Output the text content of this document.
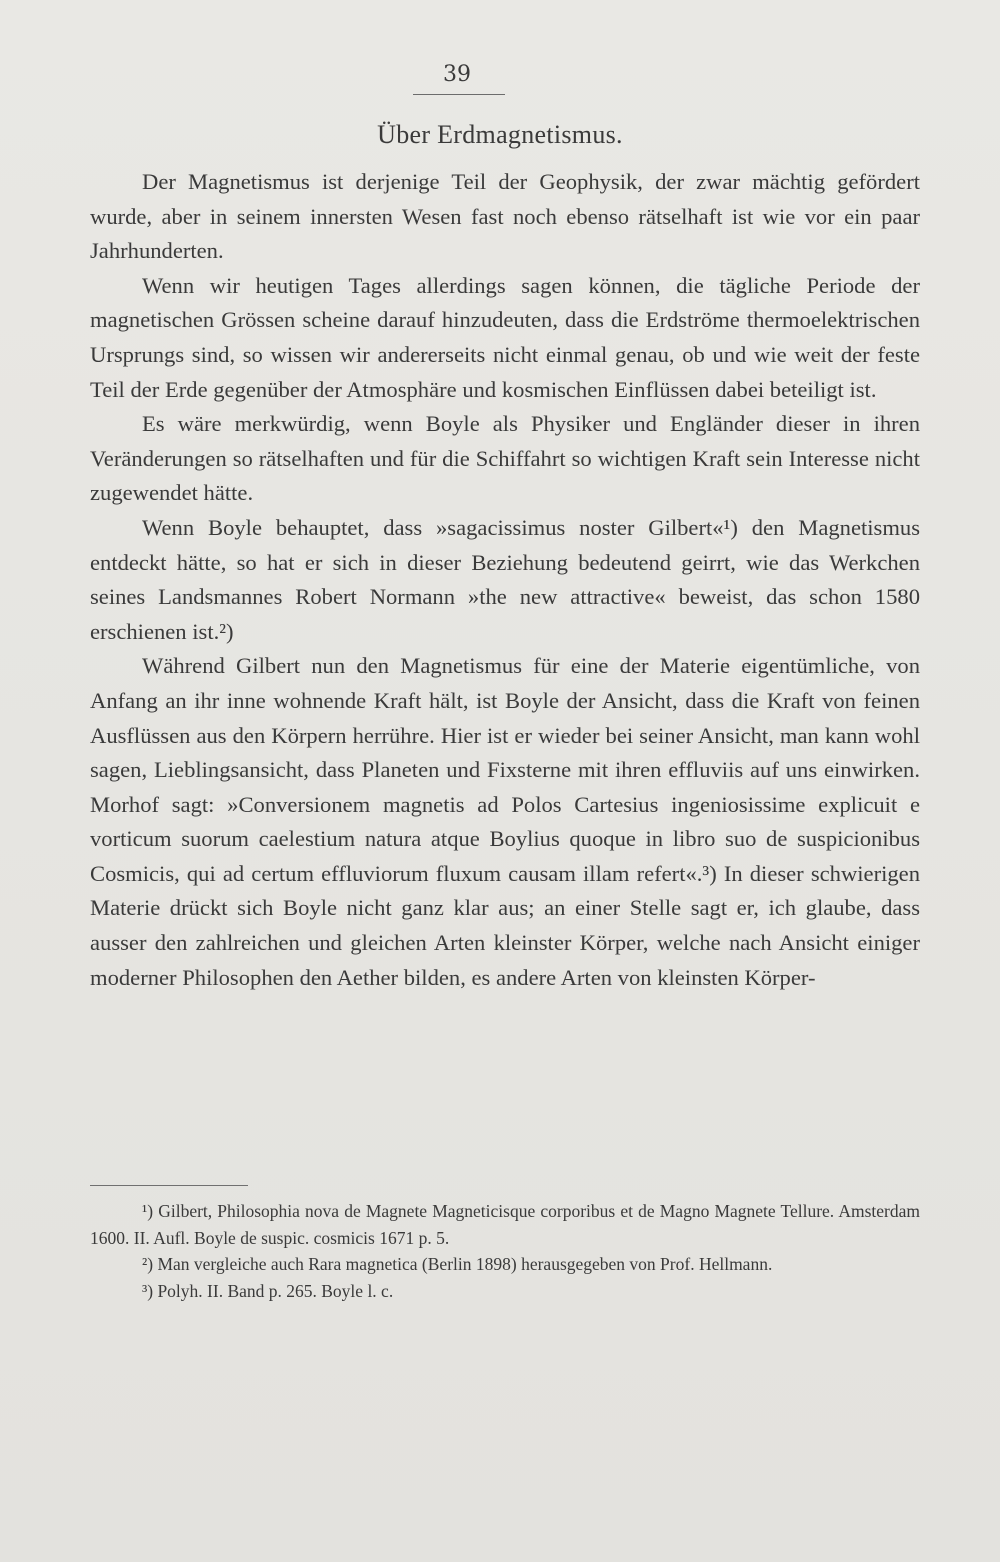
39
Über Erdmagnetismus.

Der Magnetismus ist derjenige Teil der Geophysik, der zwar mächtig gefördert wurde, aber in seinem innersten Wesen fast noch ebenso rätselhaft ist wie vor ein paar Jahrhunderten.

Wenn wir heutigen Tages allerdings sagen können, die tägliche Periode der magnetischen Grössen scheine darauf hinzudeuten, dass die Erdströme thermoelektrischen Ursprungs sind, so wissen wir andererseits nicht einmal genau, ob und wie weit der feste Teil der Erde gegenüber der Atmosphäre und kosmischen Einflüssen dabei beteiligt ist.

Es wäre merkwürdig, wenn Boyle als Physiker und Engländer dieser in ihren Veränderungen so rätselhaften und für die Schiffahrt so wichtigen Kraft sein Interesse nicht zugewendet hätte.

Wenn Boyle behauptet, dass »sagacissimus noster Gilbert«¹) den Magnetismus entdeckt hätte, so hat er sich in dieser Beziehung bedeutend geirrt, wie das Werkchen seines Landsmannes Robert Normann »the new attractive« beweist, das schon 1580 erschienen ist.²)

Während Gilbert nun den Magnetismus für eine der Materie eigentümliche, von Anfang an ihr inne wohnende Kraft hält, ist Boyle der Ansicht, dass die Kraft von feinen Ausflüssen aus den Körpern herrühre. Hier ist er wieder bei seiner Ansicht, man kann wohl sagen, Lieblingsansicht, dass Planeten und Fixsterne mit ihren effluviis auf uns einwirken. Morhof sagt: »Conversionem magnetis ad Polos Cartesius ingeniosissime explicuit e vorticum suorum caelestium natura atque Boylius quoque in libro suo de suspicionibus Cosmicis, qui ad certum effluviorum fluxum causam illam refert«.³) In dieser schwierigen Materie drückt sich Boyle nicht ganz klar aus; an einer Stelle sagt er, ich glaube, dass ausser den zahlreichen und gleichen Arten kleinster Körper, welche nach Ansicht einiger moderner Philosophen den Aether bilden, es andere Arten von kleinsten Körper-

¹) Gilbert, Philosophia nova de Magnete Magneticisque corporibus et de Magno Magnete Tellure. Amsterdam 1600. II. Aufl. Boyle de suspic. cosmicis 1671 p. 5.

²) Man vergleiche auch Rara magnetica (Berlin 1898) herausgegeben von Prof. Hellmann.

³) Polyh. II. Band p. 265. Boyle l. c.
